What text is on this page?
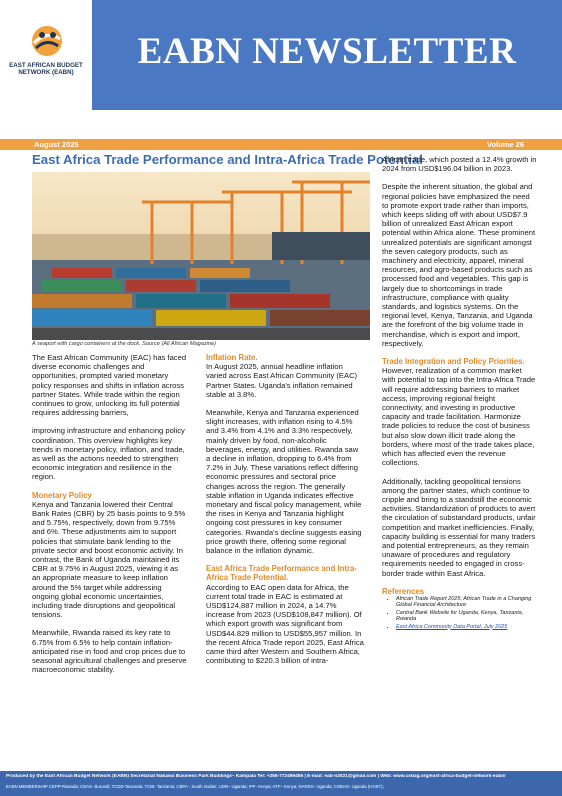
EAST AFRICAN BUDGET NETWORK (EABN)
EABN NEWSLETTER
August 2025	Volume 26
East Africa Trade Performance and Intra-Africa Trade Potential
A seaport with cargo containers at the dock. Source (All African Magazine)

The East African Community (EAC) has faced diverse economic challenges and opportunities, prompted varied monetary policy responses and shifts in inflation across partner States. While trade within the region continues to grow, unlocking its full potential requires addressing barriers,

improving infrastructure and enhancing policy coordination. This overview highlights key trends in monetary policy, inflation, and trade, as well as the actions needed to strengthen economic integration and resilience in the region.

Monetary Policy

Kenya and Tanzania lowered their Central Bank Rates (CBR) by 25 basis points to 9.5% and 5.75%, respectively, down from 9.75% and 6%. These adjustments aim to support policies that stimulate bank lending to the private sector and boost economic activity. In contrast, the Bank of Uganda maintained its CBR at 9.75% in August 2025, viewing it as an appropriate measure to keep inflation around the 5% target while addressing ongoing global economic uncertainties, including trade disruptions and geopolitical tensions.

Meanwhile, Rwanda raised its key rate to 6.75% from 6.5% to help contain inflation-anticipated rise in food and crop prices due to seasonal agricultural challenges and preserve macroeconomic stability.

Inflation Rate.

In August 2025, annual headline inflation varied across East African Community (EAC) Partner States. Uganda's inflation remained stable at 3.8%.

Meanwhile, Kenya and Tanzania experienced slight increases, with inflation rising to 4.5% and 3.4% from 4.1% and 3.3% respectively, mainly driven by food, non-alcoholic beverages, energy, and utilities. Rwanda saw a decline in inflation, dropping to 6.4% from 7.2% in July. These variations reflect differing economic pressures and sectoral price changes across the region. The generally stable inflation in Uganda indicates effective monetary and fiscal policy management, while the rises in Kenya and Tanzania highlight ongoing cost pressures in key consumer categories. Rwanda's decline suggests easing price growth there, offering some regional balance in the inflation dynamic.

East Africa Trade Performance and Intra-Africa Trade Potential.

According to EAC open data for Africa, the current total trade in EAC is estimated at USD$124,887 million in 2024, a 14.7% increase from 2023 (USD$108,847 million). Of which export growth was significant from USD$44.829 million to USD$55,957 million. In the recent Africa Trade report 2025, East Africa came third after Western and Southern Africa, contributing to $220.3 billion of intra-

African trade, which posted a 12.4% growth in 2024 from USD$196.04 billion in 2023.

Despite the inherent situation, the global and regional policies have emphasized the need to promote export trade rather than imports, which keeps sliding off with about USD$7.9 billion of unrealized East African export potential within Africa alone. These prominent unrealized potentials are significant amongst the seven category products, such as machinery and electricity, apparel, mineral resources, and agro-based products such as processed food and vegetables. This gap is largely due to shortcomings in trade infrastructure, compliance with quality standards, and logistics systems. On the regional level, Kenya, Tanzania, and Uganda are the forefront of the big volume trade in merchandise, which is export and import, respectively.

Trade Integration and Policy Priorities.

However, realization of a common market with potential to tap into the Intra-Africa Trade will require addressing barriers to market access, improving regional freight connectivity, and investing in productive capacity and trade facilitation. Harmonize trade policies to reduce the cost of business but also slow down illicit trade along the borders, where most of the trade takes place, which has affected even the revenue collections.

Additionally, tackling geopolitical tensions among the partner states, which continue to cripple and bring to a standstill the economic activities. Standardization of products to avert the circulation of substandard products, unfair competition and market inefficiencies. Finally, capacity building is essential for many traders and potential entrepreneurs, as they remain unaware of procedures and regulatory requirements needed to engaged in cross-border trade within East Africa.

References
• African Trade Report 2025: African Trade in a Changing Global Financial Architecture
• Central Bank Website for Uganda, Kenya, Tanzania, Rwanda
• East Africa Community Data Portal, July 2025
Produced by the East African Budget Network (EABN) Secretariat Nakawa Business Park Buildings– Kampala Tel: +256-772499455 | E-mail: eab-n2021@gmail.com | Web: www.csbag.org/east-africa-budget-network-eabn/
EABN MEMBERSHIP CEPP-Rwanda; CBAS- Burundi; TCDD-Tanzania; TCIB- Tanzania; CBPA - South Sudan; UDN– Uganda; IPF- Kenya; ATF– Kenya; NAREG- Uganda; CSBAG- Uganda (HOST);
